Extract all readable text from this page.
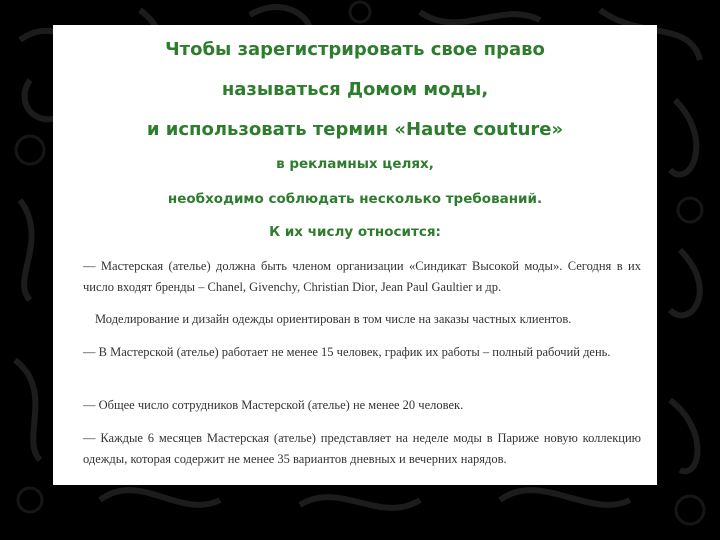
Чтобы зарегистрировать свое право
называться Домом моды,
и использовать термин «Haute couture»
в рекламных целях,
необходимо соблюдать несколько требований.
К их числу относится:
— Мастерская (ателье) должна быть членом организации «Синдикат Высокой моды». Сегодня в их число входят бренды – Chanel, Givenchy, Christian Dior, Jean Paul Gaultier и др.
Моделирование и дизайн одежды ориентирован в том числе на заказы частных клиентов.
— В Мастерской (ателье) работает не менее 15 человек, график их работы – полный рабочий день.
— Общее число сотрудников Мастерской (ателье) не менее 20 человек.
— Каждые 6 месяцев Мастерская (ателье) представляет на неделе моды в Париже новую коллекцию одежды, которая содержит не менее 35 вариантов дневных и вечерних нарядов.
